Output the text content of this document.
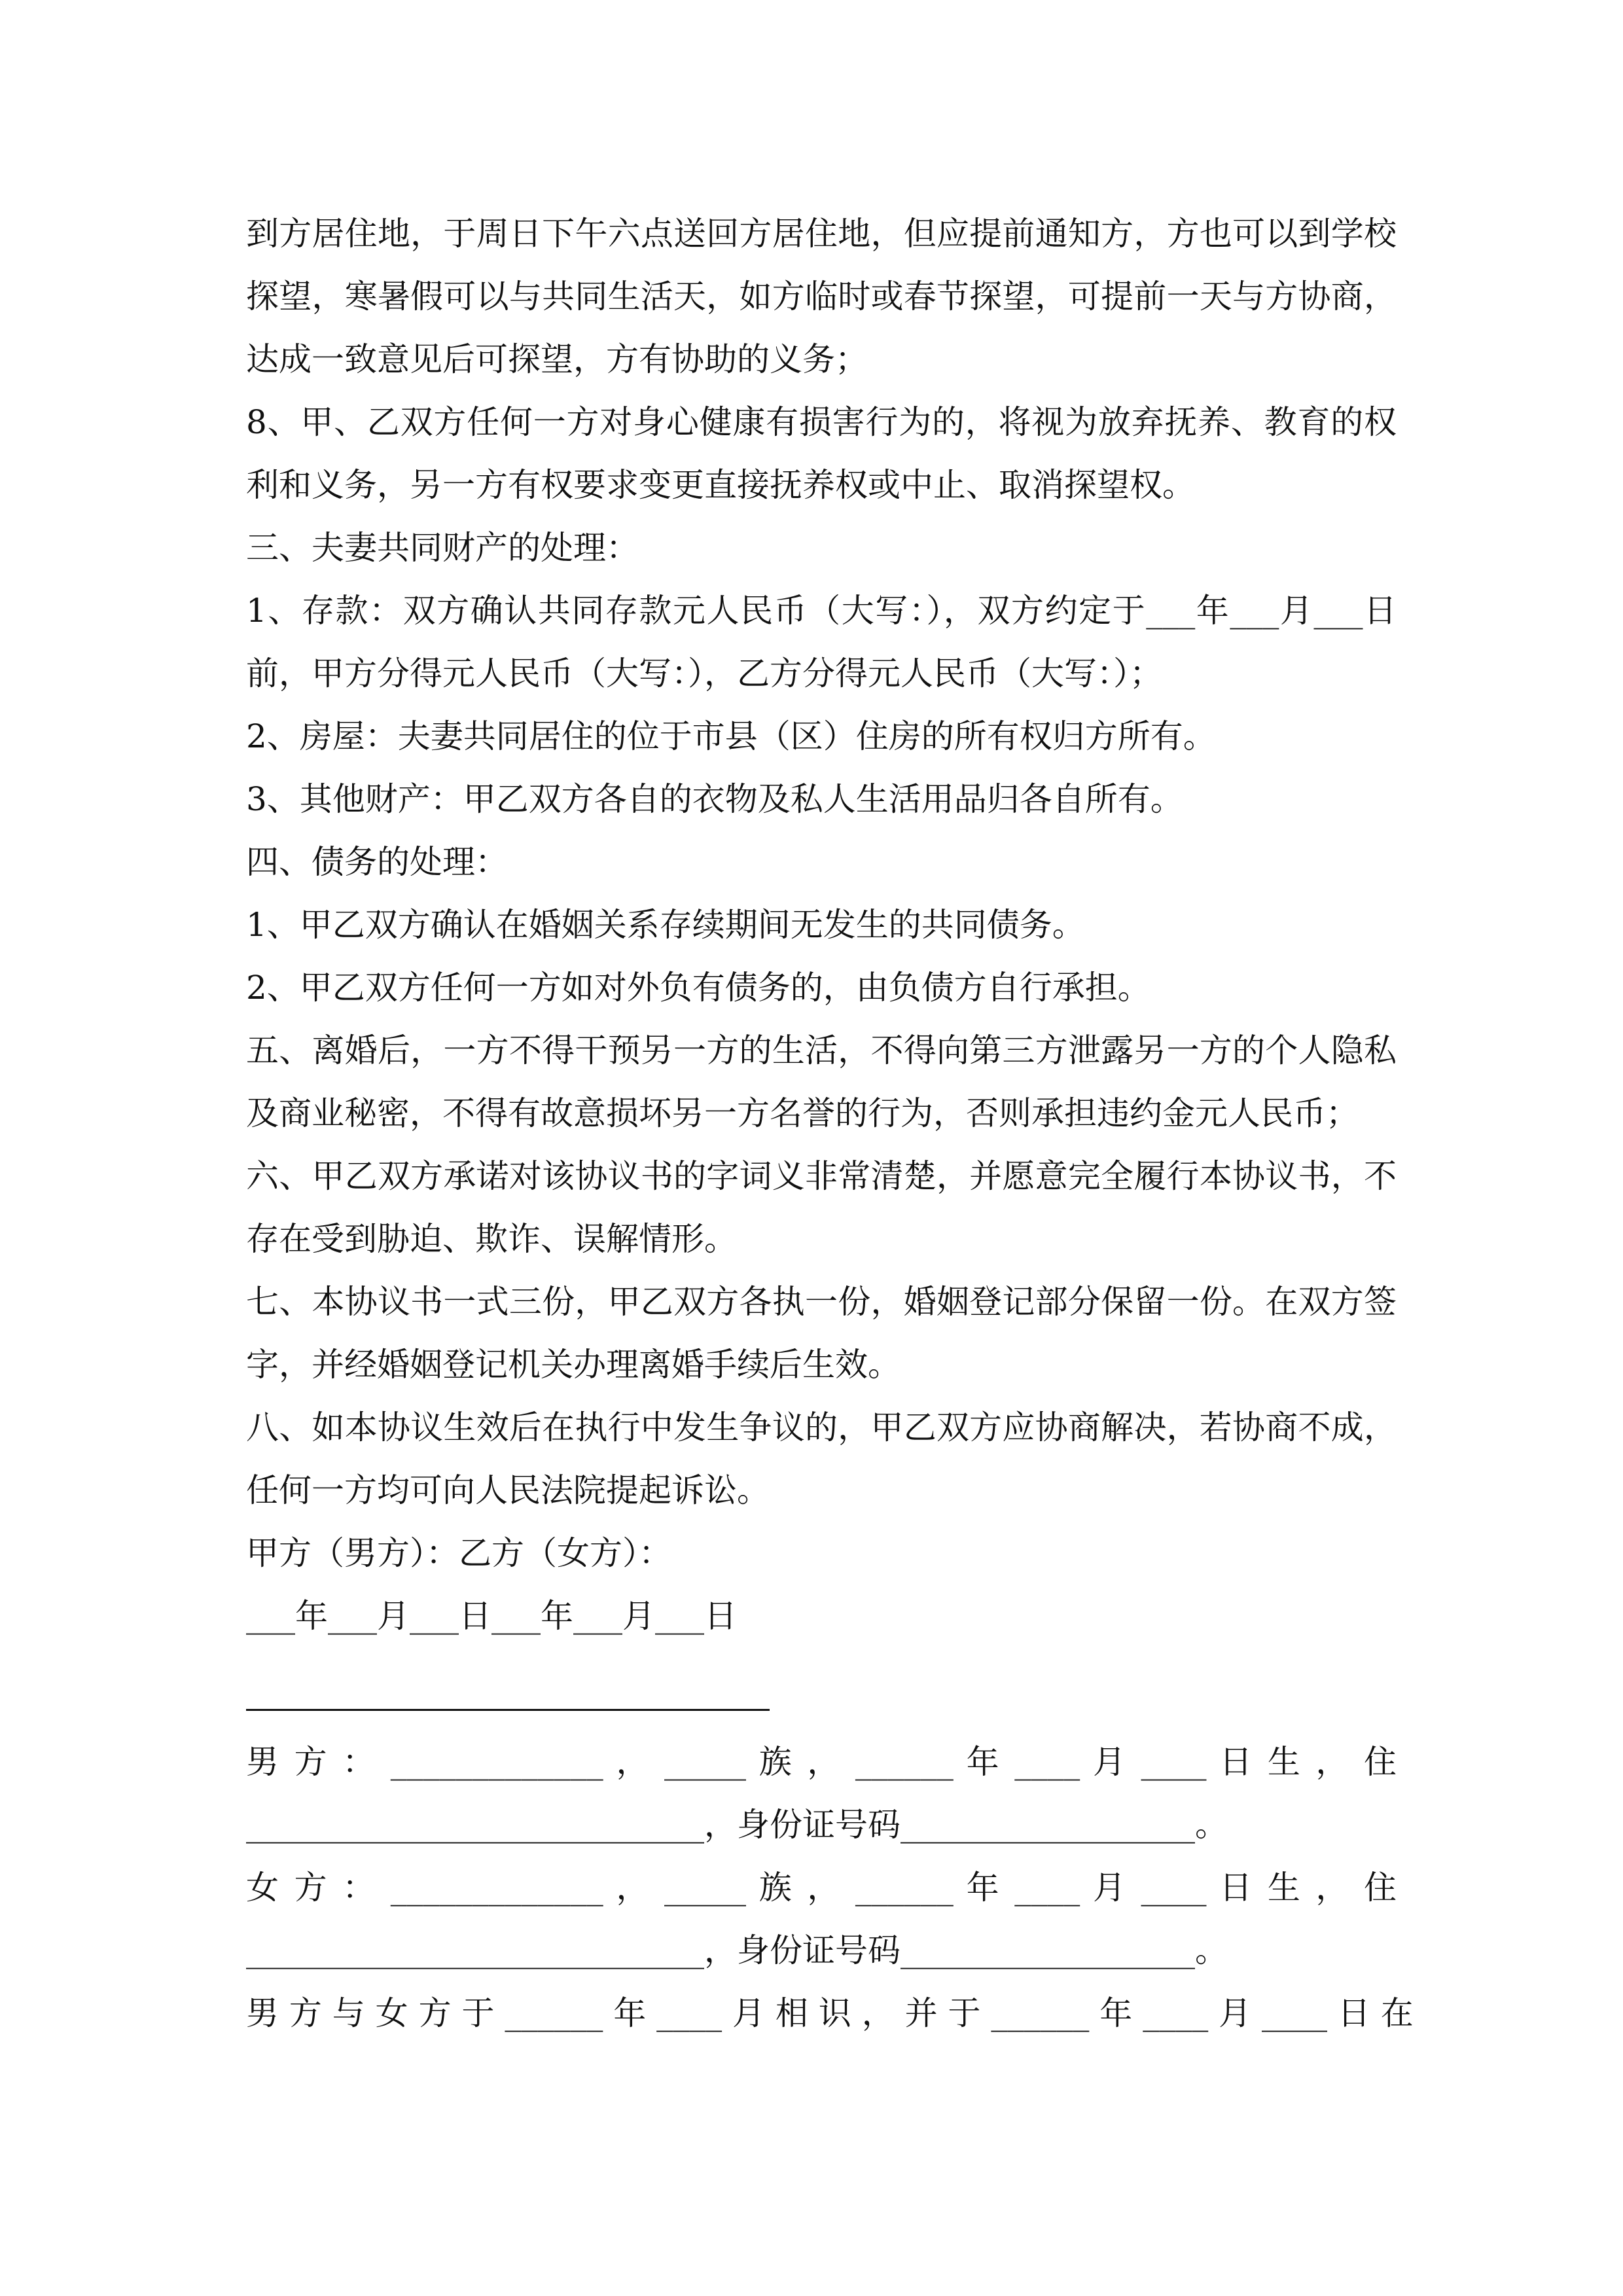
到方居住地，于周日下午六点送回方居住地，但应提前通知方，方也可以到学校
探望，寒暑假可以与共同生活天，如方临时或春节探望，可提前一天与方协商，
达成一致意见后可探望，方有协助的义务；
8、甲、乙双方任何一方对身心健康有损害行为的，将视为放弃抚养、教育的权
利和义务，另一方有权要求变更直接抚养权或中止、取消探望权。
三、夫妻共同财产的处理：
1、存款：双方确认共同存款元人民币（大写：），双方约定于___年___月___日
前，甲方分得元人民币（大写：），乙方分得元人民币（大写：）；
2、房屋：夫妻共同居住的位于市县（区）住房的所有权归方所有。
3、其他财产：甲乙双方各自的衣物及私人生活用品归各自所有。
四、债务的处理：
1、甲乙双方确认在婚姻关系存续期间无发生的共同债务。
2、甲乙双方任何一方如对外负有债务的，由负债方自行承担。
五、离婚后，一方不得干预另一方的生活，不得向第三方泄露另一方的个人隐私
及商业秘密，不得有故意损坏另一方名誉的行为，否则承担违约金元人民币；
六、甲乙双方承诺对该协议书的字词义非常清楚，并愿意完全履行本协议书，不
存在受到胁迫、欺诈、误解情形。
七、本协议书一式三份，甲乙双方各执一份，婚姻登记部分保留一份。在双方签
字，并经婚姻登记机关办理离婚手续后生效。
八、如本协议生效后在执行中发生争议的，甲乙双方应协商解决，若协商不成，
任何一方均可向人民法院提起诉讼。
甲方（男方）：乙方（女方）：
___年___月___日___年___月___日
男 方 ： _____________ ， _____ 族 ， ______ 年 ____ 月 ____ 日 生 ， 住
____________________________，身份证号码__________________。
女 方 ： _____________ ， _____ 族 ， ______ 年 ____ 月 ____ 日 生 ， 住
____________________________，身份证号码__________________。
男 方 与 女 方 于 ______ 年 ____ 月 相 识 ， 并 于 ______ 年 ____ 月 ____ 日 在
